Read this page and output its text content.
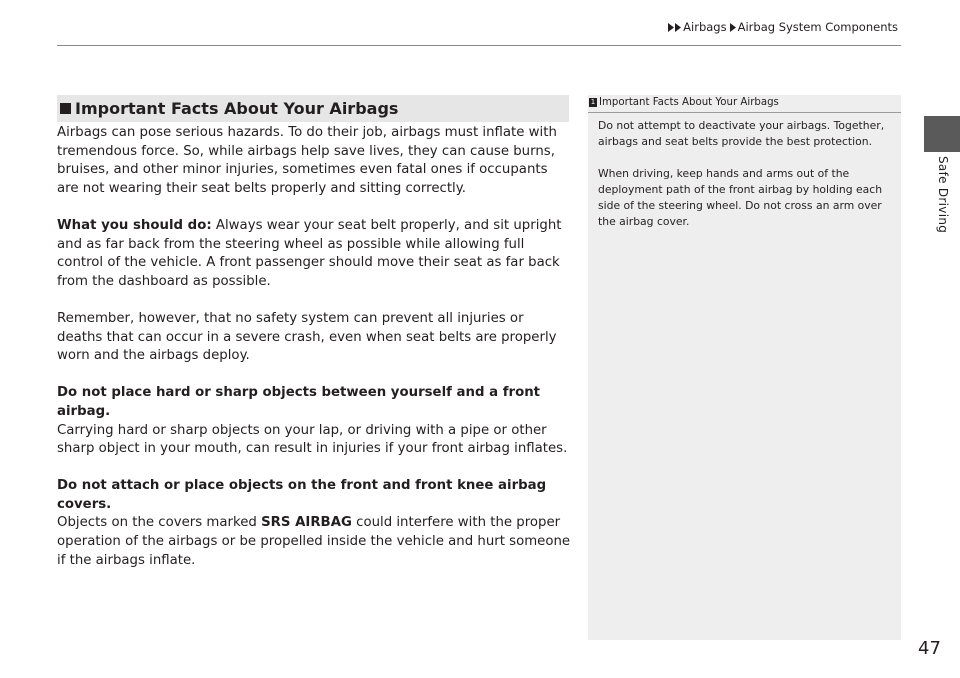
Airbags Airbag System Components
Safe Driving
Important Facts About Your Airbags

Airbags can pose serious hazards. To do their job, airbags must inflate with tremendous force. So, while airbags help save lives, they can cause burns, bruises, and other minor injuries, sometimes even fatal ones if occupants are not wearing their seat belts properly and sitting correctly.

What you should do: Always wear your seat belt properly, and sit upright and as far back from the steering wheel as possible while allowing full control of the vehicle. A front passenger should move their seat as far back from the dashboard as possible.

Remember, however, that no safety system can prevent all injuries or deaths that can occur in a severe crash, even when seat belts are properly worn and the airbags deploy.

Do not place hard or sharp objects between yourself and a front airbag.
Carrying hard or sharp objects on your lap, or driving with a pipe or other sharp object in your mouth, can result in injuries if your front airbag inflates.

Do not attach or place objects on the front and front knee airbag covers.
Objects on the covers marked SRS AIRBAG could interfere with the proper operation of the airbags or be propelled inside the vehicle and hurt someone if the airbags inflate.

1 Important Facts About Your Airbags

Do not attempt to deactivate your airbags. Together, airbags and seat belts provide the best protection.

When driving, keep hands and arms out of the deployment path of the front airbag by holding each side of the steering wheel. Do not cross an arm over the airbag cover.

47
